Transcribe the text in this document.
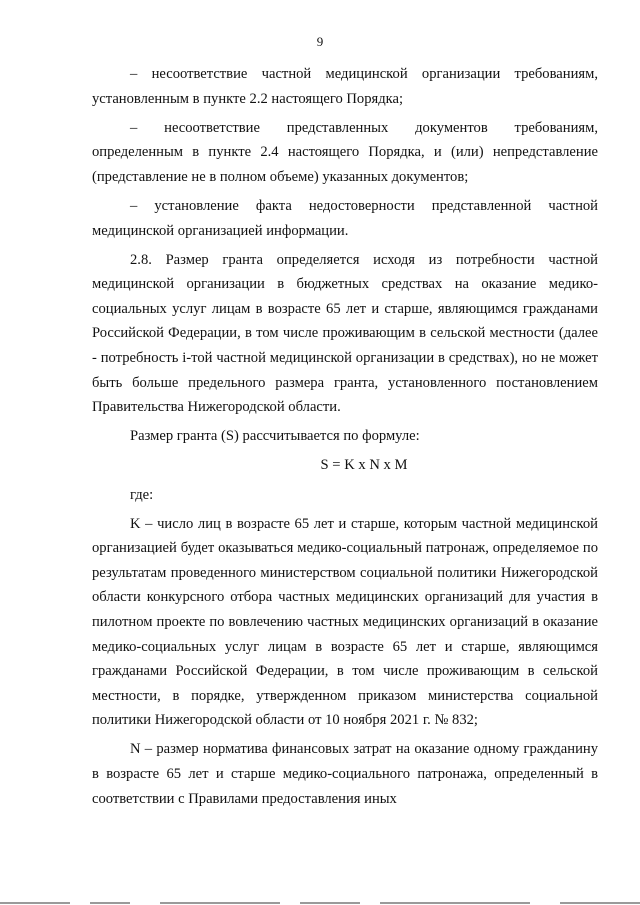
9

– несоответствие частной медицинской организации требованиям, установленным в пункте 2.2 настоящего Порядка;

– несоответствие представленных документов требованиям, определенным в пункте 2.4 настоящего Порядка, и (или) непредставление (представление не в полном объеме) указанных документов;

– установление факта недостоверности представленной частной медицинской организацией информации.

2.8. Размер гранта определяется исходя из потребности частной медицинской организации в бюджетных средствах на оказание медико-социальных услуг лицам в возрасте 65 лет и старше, являющимся гражданами Российской Федерации, в том числе проживающим в сельской местности (далее - потребность i-той частной медицинской организации в средствах), но не может быть больше предельного размера гранта, установленного постановлением Правительства Нижегородской области.

Размер гранта (S) рассчитывается по формуле:

S = K x N x M

где:

K – число лиц в возрасте 65 лет и старше, которым частной медицинской организацией будет оказываться медико-социальный патронаж, определяемое по результатам проведенного министерством социальной политики Нижегородской области конкурсного отбора частных медицинских организаций для участия в пилотном проекте по вовлечению частных медицинских организаций в оказание медико-социальных услуг лицам в возрасте 65 лет и старше, являющимся гражданами Российской Федерации, в том числе проживающим в сельской местности, в порядке, утвержденном приказом министерства социальной политики Нижегородской области от 10 ноября 2021 г. № 832;

N – размер норматива финансовых затрат на оказание одному гражданину в возрасте 65 лет и старше медико-социального патронажа, определенный в соответствии с Правилами предоставления иных
